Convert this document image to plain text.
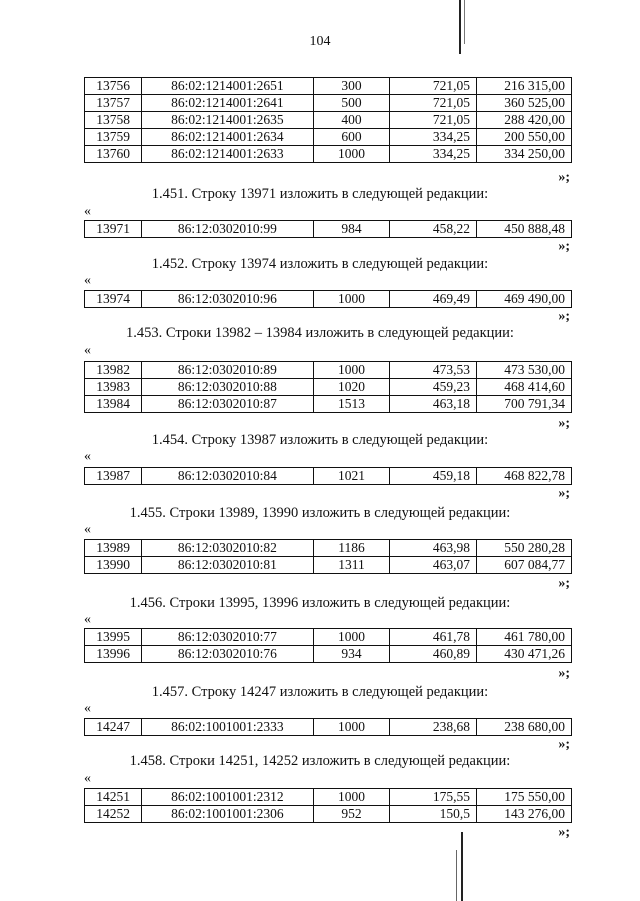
104
13756	86:02:1214001:2651	300	721,05	216 315,00
13757	86:02:1214001:2641	500	721,05	360 525,00
13758	86:02:1214001:2635	400	721,05	288 420,00
13759	86:02:1214001:2634	600	334,25	200 550,00
13760	86:02:1214001:2633	1000	334,25	334 250,00
»;
1.451. Строку 13971 изложить в следующей редакции:
«
13971	86:12:0302010:99	984	458,22	450 888,48
»;
1.452. Строку 13974 изложить в следующей редакции:
«
13974	86:12:0302010:96	1000	469,49	469 490,00
»;
1.453. Строки 13982 – 13984 изложить в следующей редакции:
«
13982	86:12:0302010:89	1000	473,53	473 530,00
13983	86:12:0302010:88	1020	459,23	468 414,60
13984	86:12:0302010:87	1513	463,18	700 791,34
»;
1.454. Строку 13987 изложить в следующей редакции:
«
13987	86:12:0302010:84	1021	459,18	468 822,78
»;
1.455. Строки 13989, 13990 изложить в следующей редакции:
«
13989	86:12:0302010:82	1186	463,98	550 280,28
13990	86:12:0302010:81	1311	463,07	607 084,77
»;
1.456. Строки 13995, 13996 изложить в следующей редакции:
«
13995	86:12:0302010:77	1000	461,78	461 780,00
13996	86:12:0302010:76	934	460,89	430 471,26
»;
1.457. Строку 14247 изложить в следующей редакции:
«
14247	86:02:1001001:2333	1000	238,68	238 680,00
»;
1.458. Строки 14251, 14252 изложить в следующей редакции:
«
14251	86:02:1001001:2312	1000	175,55	175 550,00
14252	86:02:1001001:2306	952	150,5	143 276,00
»;
